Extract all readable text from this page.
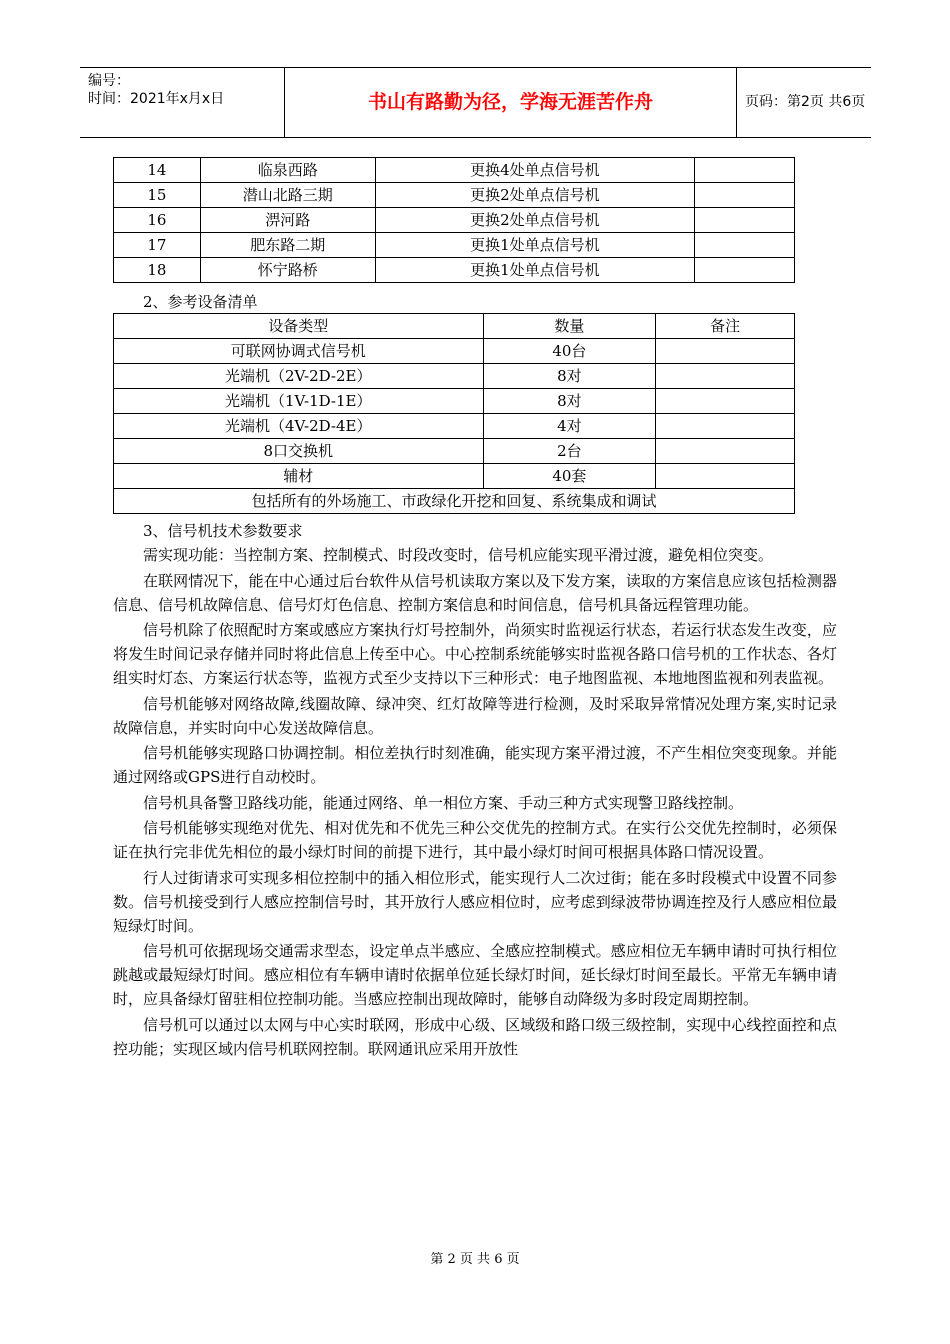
编号：
时间：2021年x月x日	书山有路勤为径，学海无涯苦作舟	页码：第2页 共6页
14	临泉西路	更换4处单点信号机	
15	潜山北路三期	更换2处单点信号机	
16	淠河路	更换2处单点信号机	
17	肥东路二期	更换1处单点信号机	
18	怀宁路桥	更换1处单点信号机	
2、参考设备清单
设备类型	数量	备注
可联网协调式信号机	40台	
光端机（2V-2D-2E）	8对	
光端机（1V-1D-1E）	8对	
光端机（4V-2D-4E）	4对	
8口交换机	2台	
辅材	40套	
包括所有的外场施工、市政绿化开挖和回复、系统集成和调试		
3、信号机技术参数要求

需实现功能：当控制方案、控制模式、时段改变时，信号机应能实现平滑过渡，避免相位突变。

在联网情况下，能在中心通过后台软件从信号机读取方案以及下发方案，读取的方案信息应该包括检测器信息、信号机故障信息、信号灯灯色信息、控制方案信息和时间信息，信号机具备远程管理功能。

信号机除了依照配时方案或感应方案执行灯号控制外，尚须实时监视运行状态，若运行状态发生改变，应将发生时间记录存储并同时将此信息上传至中心。中心控制系统能够实时监视各路口信号机的工作状态、各灯组实时灯态、方案运行状态等，监视方式至少支持以下三种形式：电子地图监视、本地地图监视和列表监视。

信号机能够对网络故障,线圈故障、绿冲突、红灯故障等进行检测，及时采取异常情况处理方案,实时记录故障信息，并实时向中心发送故障信息。

信号机能够实现路口协调控制。相位差执行时刻准确，能实现方案平滑过渡，不产生相位突变现象。并能通过网络或GPS进行自动校时。

信号机具备警卫路线功能，能通过网络、单一相位方案、手动三种方式实现警卫路线控制。

信号机能够实现绝对优先、相对优先和不优先三种公交优先的控制方式。在实行公交优先控制时，必须保证在执行完非优先相位的最小绿灯时间的前提下进行，其中最小绿灯时间可根据具体路口情况设置。

行人过街请求可实现多相位控制中的插入相位形式，能实现行人二次过街；能在多时段模式中设置不同参数。信号机接受到行人感应控制信号时，其开放行人感应相位时，应考虑到绿波带协调连控及行人感应相位最短绿灯时间。

信号机可依据现场交通需求型态，设定单点半感应、全感应控制模式。感应相位无车辆申请时可执行相位跳越或最短绿灯时间。感应相位有车辆申请时依据单位延长绿灯时间，延长绿灯时间至最长。平常无车辆申请时，应具备绿灯留驻相位控制功能。当感应控制出现故障时，能够自动降级为多时段定周期控制。

信号机可以通过以太网与中心实时联网，形成中心级、区域级和路口级三级控制，实现中心线控面控和点控功能；实现区域内信号机联网控制。联网通讯应采用开放性

第 2 页 共 6 页
